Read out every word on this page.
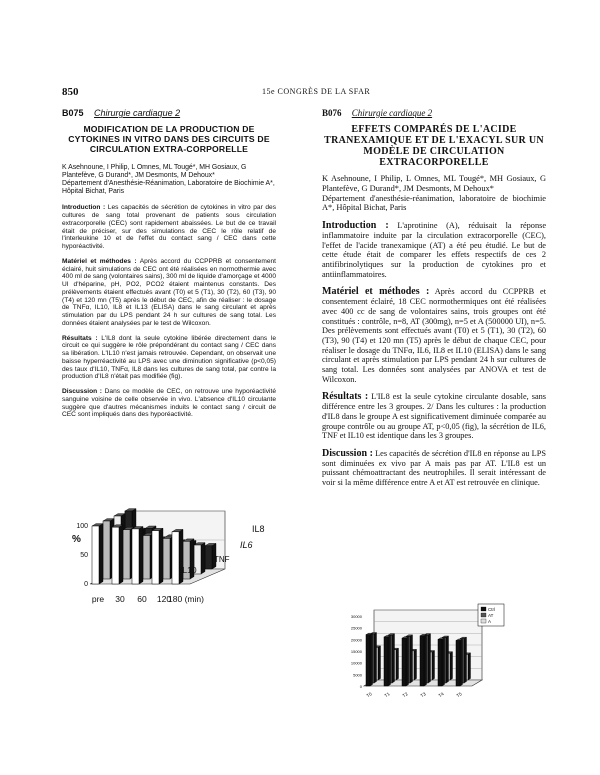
850	15e CONGRÈS DE LA SFAR
B075 Chirurgie cardiaque 2
MODIFICATION DE LA PRODUCTION DE CYTOKINES IN VITRO DANS DES CIRCUITS DE CIRCULATION EXTRA-CORPORELLE
K Asehnoune, I Philip, L Omnes, ML Tougé*, MH Gosiaux, G Plantefève, G Durand*, JM Desmonts, M Dehoux*
Département d'Anesthésie-Réanimation, Laboratoire de Biochimie A*, Hôpital Bichat, Paris
Introduction : Les capacités de sécrétion de cytokines in vitro par des cultures de sang total provenant de patients sous circulation extracorporelle (CEC) sont rapidement abaissées. Le but de ce travail était de préciser, sur des simulations de CEC le rôle relatif de l'interleukine 10 et de l'effet du contact sang / CEC dans cette hyporéactivité.
Matériel et méthodes : Après accord du CCPPRB et consentement éclairé, huit simulations de CEC ont été réalisées en normothermie avec 400 ml de sang (volontaires sains), 300 ml de liquide d'amorçage et 4000 UI d'héparine, pH, PO2, PCO2 étaient maintenus constants. Des prélèvements étaient effectués avant (T0) et 5 (T1), 30 (T2), 60 (T3), 90 (T4) et 120 mn (T5) après le début de CEC, afin de réaliser : le dosage de TNFα, IL10, IL8 et IL13 (ELISA) dans le sang circulant et après stimulation par du LPS pendant 24 h sur cultures de sang total. Les données étaient analysées par le test de Wilcoxon.
Résultats : L'IL8 dont la seule cytokine libérée directement dans le circuit ce qui suggère le rôle prépondérant du contact sang / CEC dans sa libération. L'IL10 n'est jamais retrouvée. Cependant, on observait une baisse hyperréactivité au LPS avec une diminution significative (p<0,05) des taux d'IL10, TNFα, IL8 dans les cultures de sang total, par contre la production d'IL8 n'était pas modifiée (fig).
Discussion : Dans ce modèle de CEC, on retrouve une hyporéactivité sanguine voisine de celle observée in vivo. L'absence d'IL10 circulante suggère que d'autres mécanismes induits le contact sang / circuit de CEC sont impliqués dans des hyporéactivité.
B076 Chirurgie cardiaque 2
EFFETS COMPARÉS DE L'ACIDE TRANEXAMIQUE ET DE L'EXACYL SUR UN MODÈLE DE CIRCULATION EXTRACORPORELLE
K Asehnoune, I Philip, L Omnes, ML Tougé*, MH Gosiaux, G Plantefève, G Durand*, JM Desmonts, M Dehoux*
Département d'anesthésie-réanimation, laboratoire de biochimie A*, Hôpital Bichat, Paris
Introduction : L'aprotinine (A), réduisait la réponse inflammatoire induite par la circulation extracorporelle (CEC), l'effet de l'acide tranexamique (AT) a été peu étudié. Le but de cette étude était de comparer les effets respectifs de ces 2 antifibrinolytiques sur la production de cytokines pro et antiinflammatoires.
Matériel et méthodes : Après accord du CCPPRB et consentement éclairé, 18 CEC normothermiques ont été réalisées avec 400 cc de sang de volontaires sains, trois groupes ont été constitués : contrôle, n=8, AT (300mg), n=5 et A (500000 UI), n=5. Des prélèvements sont effectués avant (T0) et 5 (T1), 30 (T2), 60 (T3), 90 (T4) et 120 mn (T5) après le début de chaque CEC, pour réaliser le dosage du TNFα, IL6, IL8 et IL10 (ELISA) dans le sang circulant et après stimulation par LPS pendant 24 h sur cultures de sang total. Les données sont analysées par ANOVA et test de Wilcoxon.
Résultats : L'IL8 est la seule cytokine circulante dosable, sans différence entre les 3 groupes. 2/ Dans les cultures : la production d'IL8 dans le groupe A est significativement diminuée comparée au groupe contrôle ou au groupe AT, p<0,05 (fig), la sécrétion de IL6, TNF et IL10 est identique dans les 3 groupes.
Discussion : Les capacités de sécrétion d'IL8 en réponse au LPS sont diminuées ex vivo par A mais pas par AT. L'IL8 est un puissant chémoattractant des neutrophiles. Il serait intéressant de voir si la même différence entre A et AT est retrouvée en clinique.
0
50
100
%
pre 30 60 120
180 (min)
IL8
IL6
TNF
IL10
0
5000
10000
15000
20000
25000
30000
T0 T1 T2 T3 T4 T5
Ctrl
AT
A
